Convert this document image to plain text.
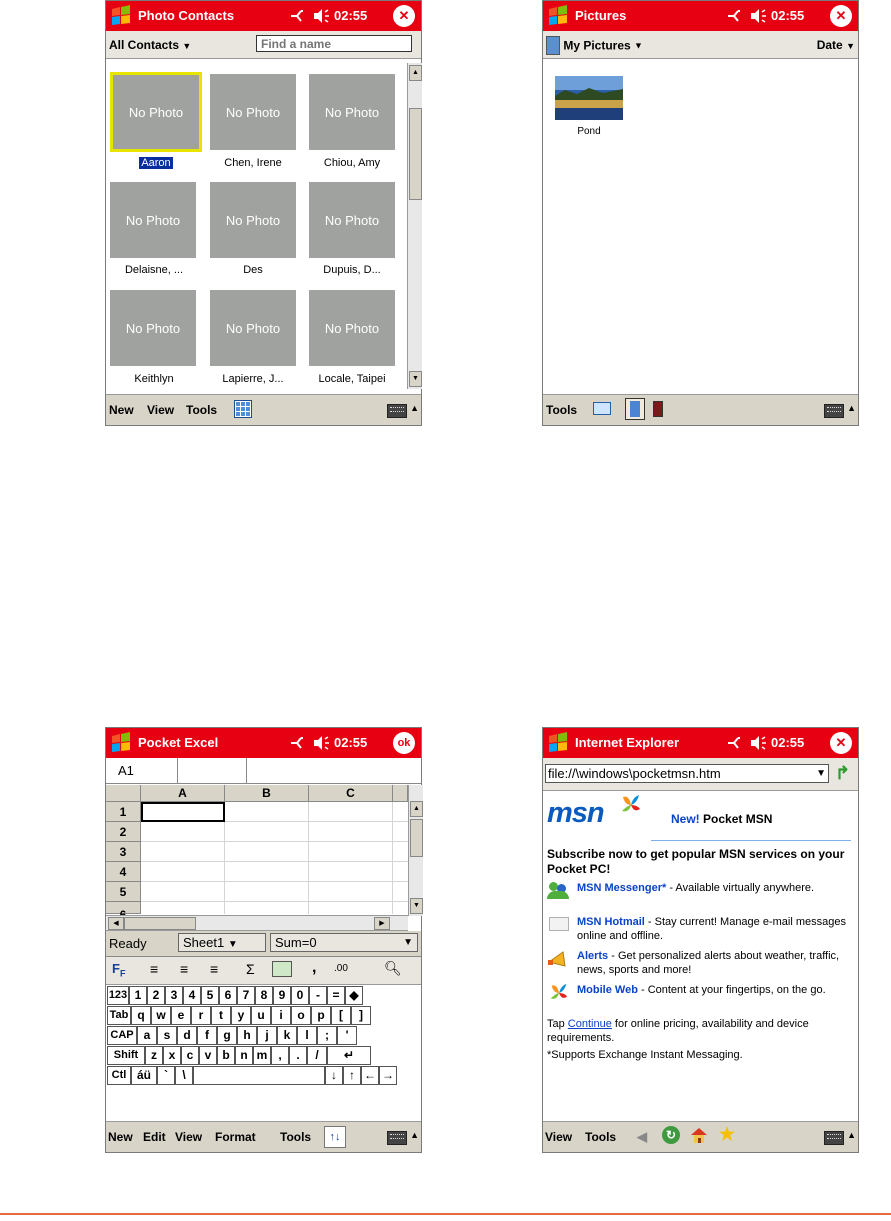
Photo Contacts	02:55	✕
All Contacts ▼
Find a name
No Photo
Aaron
No Photo
Chen, Irene
No Photo
Chiou, Amy
No Photo
Delaisne, ...
No Photo
Des
No Photo
Dupuis, D...
No Photo
Keithlyn
No Photo
Lapierre, J...
No Photo
Locale, Taipei
▲
▼
New View Tools	▲
Pictures	02:55	✕
My Pictures ▼	Date ▼
Pond
Tools	▲
Pocket Excel	02:55	ok
A1
A	B	C
1
2
3
4
5
▲
▼
◀	▶
Ready	Sheet1 ▼	Sum=0	▼
$F_F$ ≡ ≡ ≡ Σ	, .00	🔍︎
New Edit View Format Tools	↑↓	▲
123 1 2 3 4 5 6 7 8 9 0	-	= ◆
Tab q w e	r	t	y	u	i	o	p	[	]
CAP a	s	d	f	g	h	j	k	l	;	'
Shift	z x c v b n m ,	.	/	↵
Ctl áü	`	\	↓	↑ ← →
Internet Explorer	02:55	✕
file://\windows\pocketmsn.htm	▼ ↱
msn	New! Pocket MSN
Subscribe now to get popular MSN services on your Pocket PC!
MSN Messenger* - Available virtually anywhere.
MSN Hotmail - Stay current! Manage e-mail messages online and offline.
Alerts - Get personalized alerts about weather, traffic, news, sports and more!
Mobile Web - Content at your fingertips, on the go.
Tap Continue for online pricing, availability and device requirements.
*Supports Exchange Instant Messaging.
View Tools ◀	↻ ★	▲
